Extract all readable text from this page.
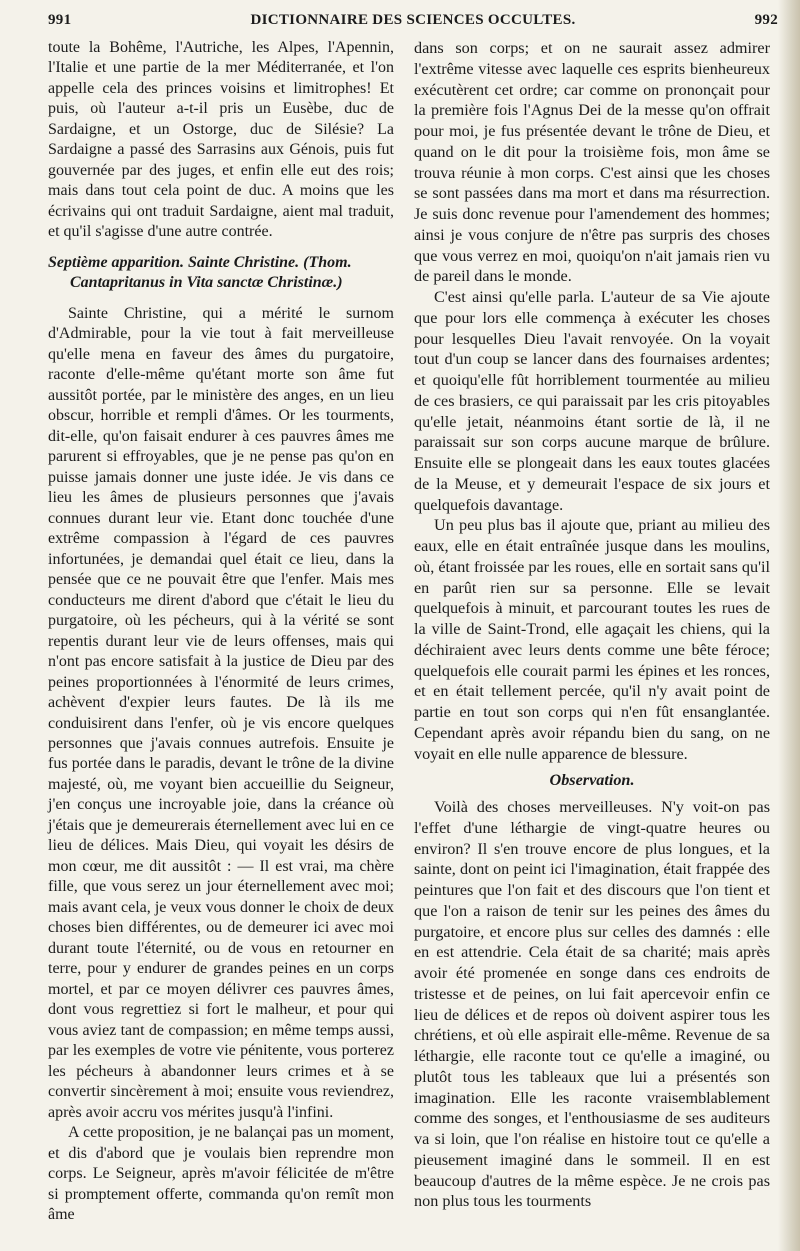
991	DICTIONNAIRE DES SCIENCES OCCULTES.	992

toute la Bohême, l'Autriche, les Alpes, l'Apennin, l'Italie et une partie de la mer Méditerranée, et l'on appelle cela des princes voisins et limitrophes! Et puis, où l'auteur a-t-il pris un Eusèbe, duc de Sardaigne, et un Ostorge, duc de Silésie? La Sardaigne a passé des Sarrasins aux Génois, puis fut gouvernée par des juges, et enfin elle eut des rois; mais dans tout cela point de duc. A moins que les écrivains qui ont traduit Sardaigne, aient mal traduit, et qu'il s'agisse d'une autre contrée.

Septième apparition. Sainte Christine. (Thom.
Cantapritanus in Vita sanctæ Christinæ.)

Sainte Christine, qui a mérité le surnom d'Admirable, pour la vie tout à fait merveilleuse qu'elle mena en faveur des âmes du purgatoire, raconte d'elle-même qu'étant morte son âme fut aussitôt portée, par le ministère des anges, en un lieu obscur, horrible et rempli d'âmes. Or les tourments, dit-elle, qu'on faisait endurer à ces pauvres âmes me parurent si effroyables, que je ne pense pas qu'on en puisse jamais donner une juste idée. Je vis dans ce lieu les âmes de plusieurs personnes que j'avais connues durant leur vie. Etant donc touchée d'une extrême compassion à l'égard de ces pauvres infortunées, je demandai quel était ce lieu, dans la pensée que ce ne pouvait être que l'enfer. Mais mes conducteurs me dirent d'abord que c'était le lieu du purgatoire, où les pécheurs, qui à la vérité se sont repentis durant leur vie de leurs offenses, mais qui n'ont pas encore satisfait à la justice de Dieu par des peines proportionnées à l'énormité de leurs crimes, achèvent d'expier leurs fautes. De là ils me conduisirent dans l'enfer, où je vis encore quelques personnes que j'avais connues autrefois. Ensuite je fus portée dans le paradis, devant le trône de la divine majesté, où, me voyant bien accueillie du Seigneur, j'en conçus une incroyable joie, dans la créance où j'étais que je demeurerais éternellement avec lui en ce lieu de délices. Mais Dieu, qui voyait les désirs de mon cœur, me dit aussitôt : — Il est vrai, ma chère fille, que vous serez un jour éternellement avec moi; mais avant cela, je veux vous donner le choix de deux choses bien différentes, ou de demeurer ici avec moi durant toute l'éternité, ou de vous en retourner en terre, pour y endurer de grandes peines en un corps mortel, et par ce moyen délivrer ces pauvres âmes, dont vous regrettiez si fort le malheur, et pour qui vous aviez tant de compassion; en même temps aussi, par les exemples de votre vie pénitente, vous porterez les pécheurs à abandonner leurs crimes et à se convertir sincèrement à moi; ensuite vous reviendrez, après avoir accru vos mérites jusqu'à l'infini.

A cette proposition, je ne balançai pas un moment, et dis d'abord que je voulais bien reprendre mon corps. Le Seigneur, après m'avoir félicitée de m'être si promptement offerte, commanda qu'on remît mon âme

dans son corps; et on ne saurait assez admirer l'extrême vitesse avec laquelle ces esprits bienheureux exécutèrent cet ordre; car comme on prononçait pour la première fois l'Agnus Dei de la messe qu'on offrait pour moi, je fus présentée devant le trône de Dieu, et quand on le dit pour la troisième fois, mon âme se trouva réunie à mon corps. C'est ainsi que les choses se sont passées dans ma mort et dans ma résurrection. Je suis donc revenue pour l'amendement des hommes; ainsi je vous conjure de n'être pas surpris des choses que vous verrez en moi, quoiqu'on n'ait jamais rien vu de pareil dans le monde.

C'est ainsi qu'elle parla. L'auteur de sa Vie ajoute que pour lors elle commença à exécuter les choses pour lesquelles Dieu l'avait renvoyée. On la voyait tout d'un coup se lancer dans des fournaises ardentes; et quoiqu'elle fût horriblement tourmentée au milieu de ces brasiers, ce qui paraissait par les cris pitoyables qu'elle jetait, néanmoins étant sortie de là, il ne paraissait sur son corps aucune marque de brûlure. Ensuite elle se plongeait dans les eaux toutes glacées de la Meuse, et y demeurait l'espace de six jours et quelquefois davantage.

Un peu plus bas il ajoute que, priant au milieu des eaux, elle en était entraînée jusque dans les moulins, où, étant froissée par les roues, elle en sortait sans qu'il en parût rien sur sa personne. Elle se levait quelquefois à minuit, et parcourant toutes les rues de la ville de Saint-Trond, elle agaçait les chiens, qui la déchiraient avec leurs dents comme une bête féroce; quelquefois elle courait parmi les épines et les ronces, et en était tellement percée, qu'il n'y avait point de partie en tout son corps qui n'en fût ensanglantée. Cependant après avoir répandu bien du sang, on ne voyait en elle nulle apparence de blessure.

Observation.

Voilà des choses merveilleuses. N'y voit-on pas l'effet d'une léthargie de vingt-quatre heures ou environ? Il s'en trouve encore de plus longues, et la sainte, dont on peint ici l'imagination, était frappée des peintures que l'on fait et des discours que l'on tient et que l'on a raison de tenir sur les peines des âmes du purgatoire, et encore plus sur celles des damnés : elle en est attendrie. Cela était de sa charité; mais après avoir été promenée en songe dans ces endroits de tristesse et de peines, on lui fait apercevoir enfin ce lieu de délices et de repos où doivent aspirer tous les chrétiens, et où elle aspirait elle-même. Revenue de sa léthargie, elle raconte tout ce qu'elle a imaginé, ou plutôt tous les tableaux que lui a présentés son imagination. Elle les raconte vraisemblablement comme des songes, et l'enthousiasme de ses auditeurs va si loin, que l'on réalise en histoire tout ce qu'elle a pieusement imaginé dans le sommeil. Il en est beaucoup d'autres de la même espèce. Je ne crois pas non plus tous les tourments
